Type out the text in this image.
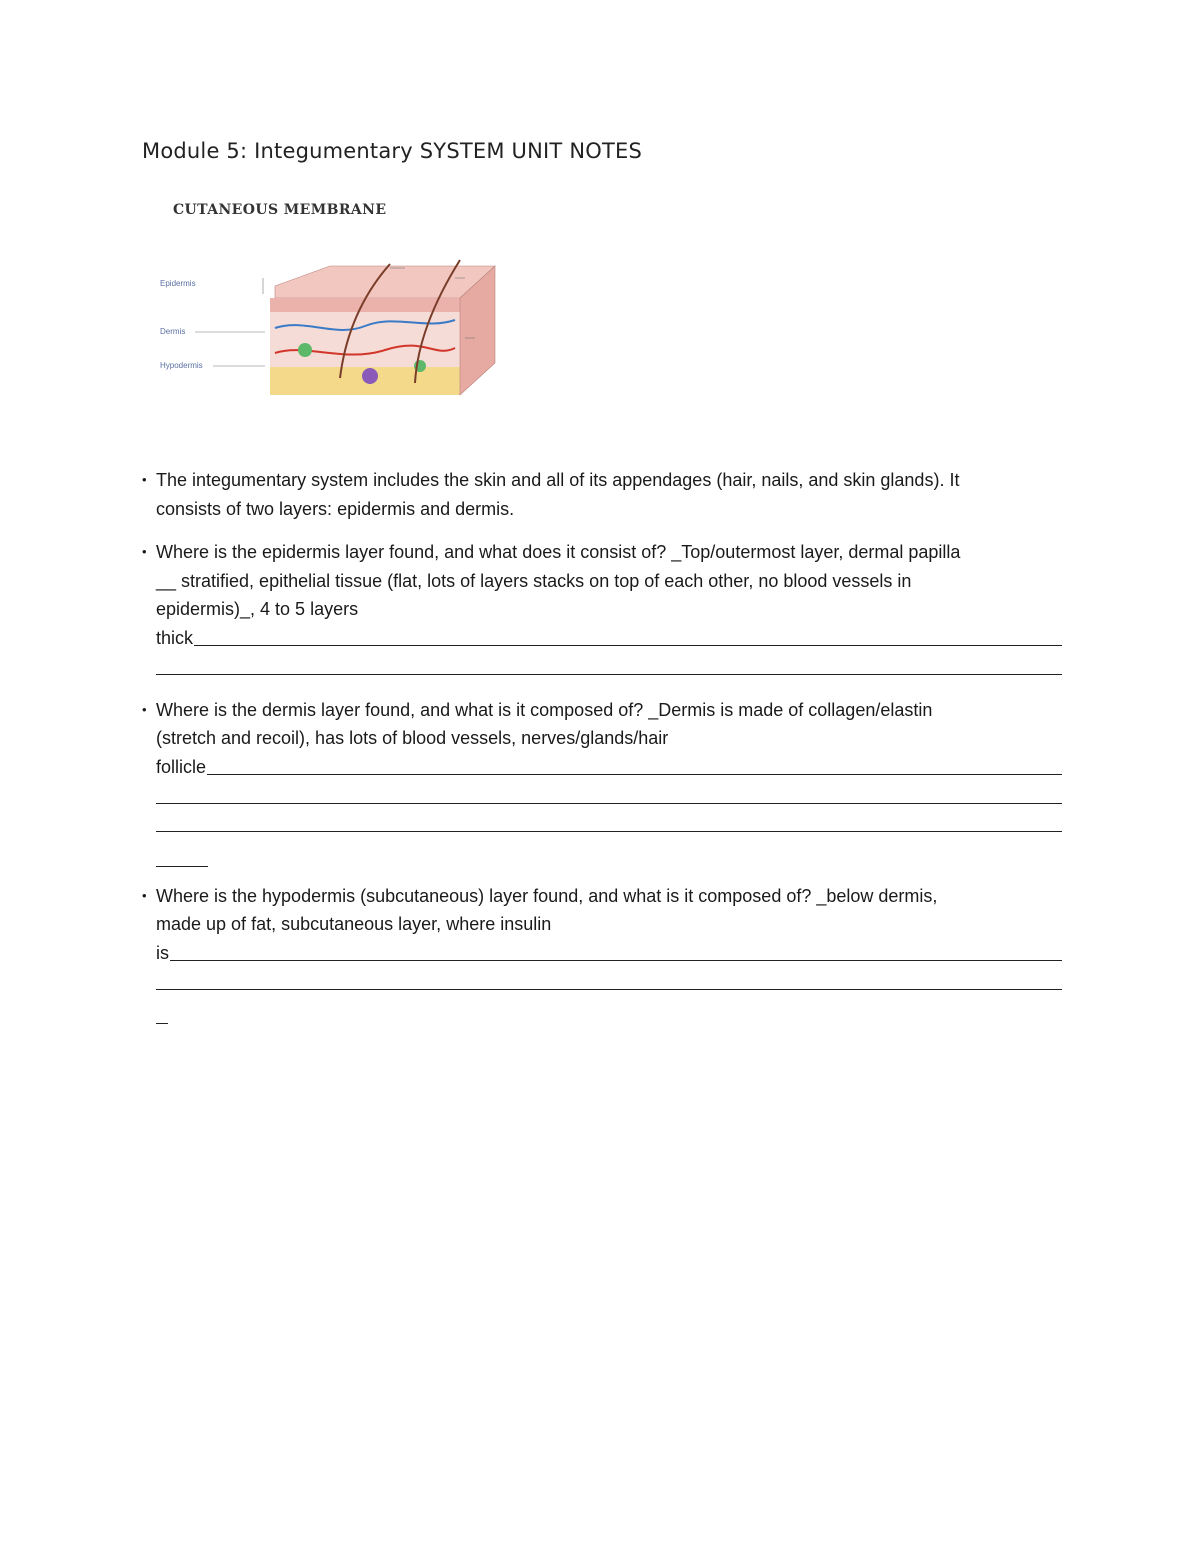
Module 5: Integumentary SYSTEM UNIT NOTES
CUTANEOUS MEMBRANE
Epidermis
Dermis
Hypodermis
• The integumentary system includes the skin and all of its appendages (hair, nails, and skin glands). It
consists of two layers: epidermis and dermis.
• Where is the epidermis layer found, and what does it consist of? _Top/outermost layer, dermal papilla
__ stratified, epithelial tissue (flat, lots of layers stacks on top of each other, no blood vessels in
epidermis)_, 4 to 5 layers
thick
• Where is the dermis layer found, and what is it composed of? _Dermis is made of collagen/elastin
(stretch and recoil), has lots of blood vessels, nerves/glands/hair
follicle
• Where is the hypodermis (subcutaneous) layer found, and what is it composed of? _below dermis,
made up of fat, subcutaneous layer, where insulin
is
